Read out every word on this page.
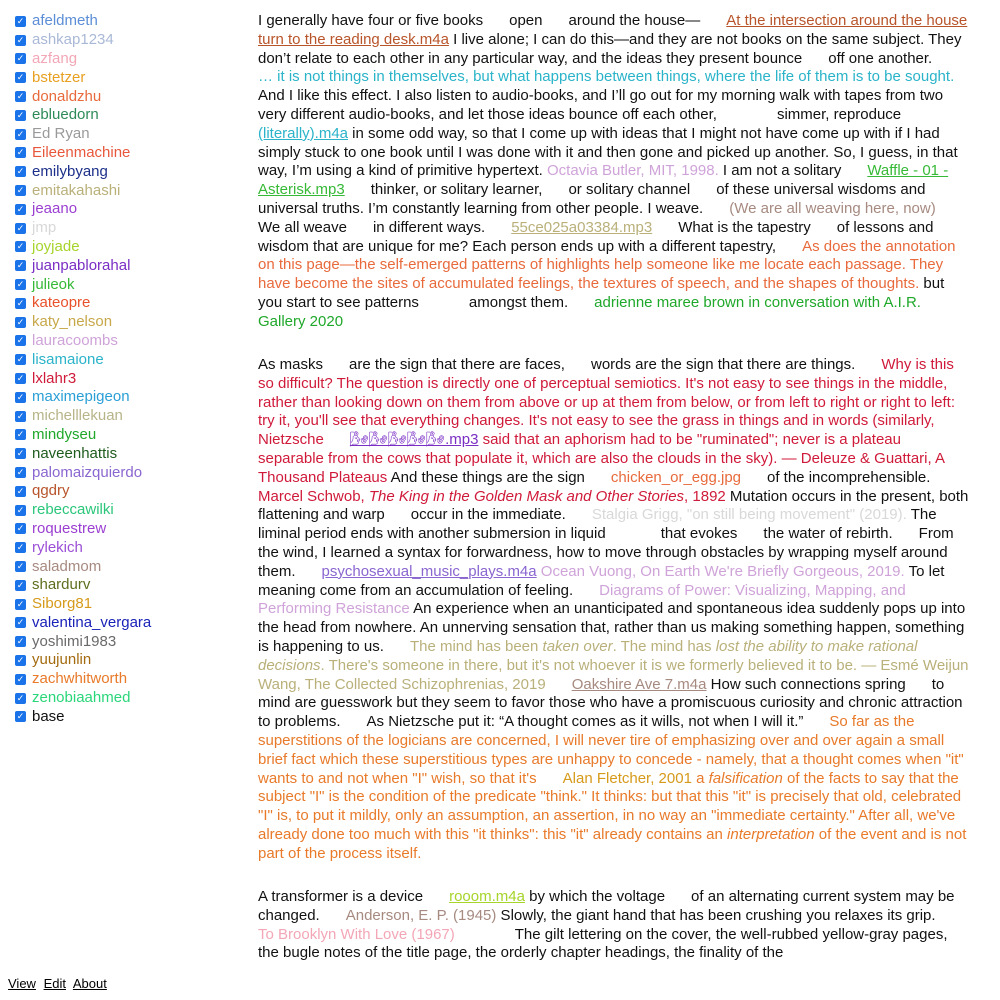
✓ afeldmeth
✓ ashkap1234
✓ azfang
✓ bstetzer
✓ donaldzhu
✓ ebluedorn
✓ Ed Ryan
✓ Eileenmachine
✓ emilybyang
✓ emitakahashi
✓ jeaano
✓ jmp
✓ joyjade
✓ juanpablorahal
✓ julieok
✓ kateopre
✓ katy_nelson
✓ lauracoombs
✓ lisamaione
✓ lxlahr3
✓ maximepigeon
✓ michelllekuan
✓ mindyseu
✓ naveenhattis
✓ palomaizquierdo
✓ qgdry
✓ rebeccawilki
✓ roquestrew
✓ rylekich
✓ saladmom
✓ shardurv
✓ Siborg81
✓ valentina_vergara
✓ yoshimi1983
✓ yuujunlin
✓ zachwhitworth
✓ zenobiaahmed
✓ base

I generally have four or five books open around the house— At the intersection around the house turn to the reading desk.m4a I live alone; I can do this—and they are not books on the same subject. They don’t relate to each other in any particular way, and the ideas they present bounce off one another.… it is not things in themselves, but what happens between things, where the life of them is to be sought. And I like this effect. I also listen to audio-books, and I’ll go out for my morning walk with tapes from two very different audio-books, and let those ideas bounce off each other,	simmer, reproduce(literally).m4a in some odd way, so that I come up with ideas that I might not have come up with if I had simply stuck to one book until I was done with it and then gone and picked up another. So, I guess, in that way, I’m using a kind of primitive hypertext. Octavia Butler, MIT, 1998. I am not a solitary Waffle - 01 - Asterisk.mp3 thinker, or solitary learner, or solitary channel of these universal wisdoms anduniversal truths. I’m constantly learning from other people. I weave. (We are all weaving here, now)We all weave in different ways. 55ce025a03384.mp3 What is the tapestry of lessons and wisdom that are unique for me? Each person ends up with a different tapestry, As does the annotation on this page—the self-emerged patterns of highlights help someone like me locate each passage. They have become the sites of accumulated feelings, the textures of speech, and the shapes of thoughts. but you start to see patterns	amongst them. adrienne maree brown in conversation with A.I.R. Gallery 2020

As masks are the sign that there are faces, words are the sign that there are things. Why is this so difficult? The question is directly one of perceptual semiotics. It's not easy to see things in the middle, rather than looking down on them from above or up at them from below, or from left to right or right to left: try it, you'll see that everything changes. It's not easy to see the grass in things and in words (similarly, Nietzsche 🌬🌬🌬🌬🌬.mp3 said that an aphorism had to be "ruminated"; never is a plateau separable from the cows that populate it, which are also the clouds in the sky). — Deleuze & Guattari, A Thousand Plateaus And these things are the sign chicken_or_egg.jpg of the incomprehensible.Marcel Schwob, The King in the Golden Mask and Other Stories, 1892 Mutation occurs in the present, both flattening and warp occur in the immediate. Stalgia Grigg, "on still being movement" (2019). The liminal period ends with another submersion in liquid	that evokes the water of rebirth. From the wind, I learned a syntax for forwardness, how to move through obstacles by wrapping myself around them. psychosexual_music_plays.m4a Ocean Vuong, On Earth We're Briefly Gorgeous, 2019. To let meaning come from an accumulation of feeling. Diagrams of Power: Visualizing, Mapping, and Performing Resistance An experience when an unanticipated and spontaneous idea suddenly pops up into the head from nowhere. An unnerving sensation that, rather than us making something happen, something is happening to us. The mind has been taken over. The mind has lost the ability to make rational decisions. There's someone in there, but it's not whoever it is we formerly believed it to be. — Esmé Weijun Wang, The Collected Schizophrenias, 2019 Oakshire Ave 7.m4a How such connections spring to mind are guesswork but they seem to favor those who have a promiscuous curiosity and chronic attraction to problems. As Nietzsche put it: “A thought comes as it wills, not when I will it.” So far as the superstitions of the logicians are concerned, I will never tire of emphasizing over and over again a small brief fact which these superstitious types are unhappy to concede - namely, that a thought comes when "it" wants to and not when "I" wish, so that it's Alan Fletcher, 2001 a falsification of the facts to say that the subject "I" is the condition of the predicate "think." It thinks: but that this "it" is precisely that old, celebrated "I" is, to put it mildly, only an assumption, an assertion, in no way an "immediate certainty." After all, we've already done too much with this "it thinks": this "it" already contains an interpretation of the event and is not part of the process itself.

A transformer is a device rooom.m4a by which the voltage of an alternating current system may be changed. Anderson, E. P. (1945) Slowly, the giant hand that has been crushing you relaxes its grip.To Brooklyn With Love (1967)	The gilt lettering on the cover, the well-rubbed yellow-gray pages, the bugle notes of the title page, the orderly chapter headings, the finality of the

View Edit About
